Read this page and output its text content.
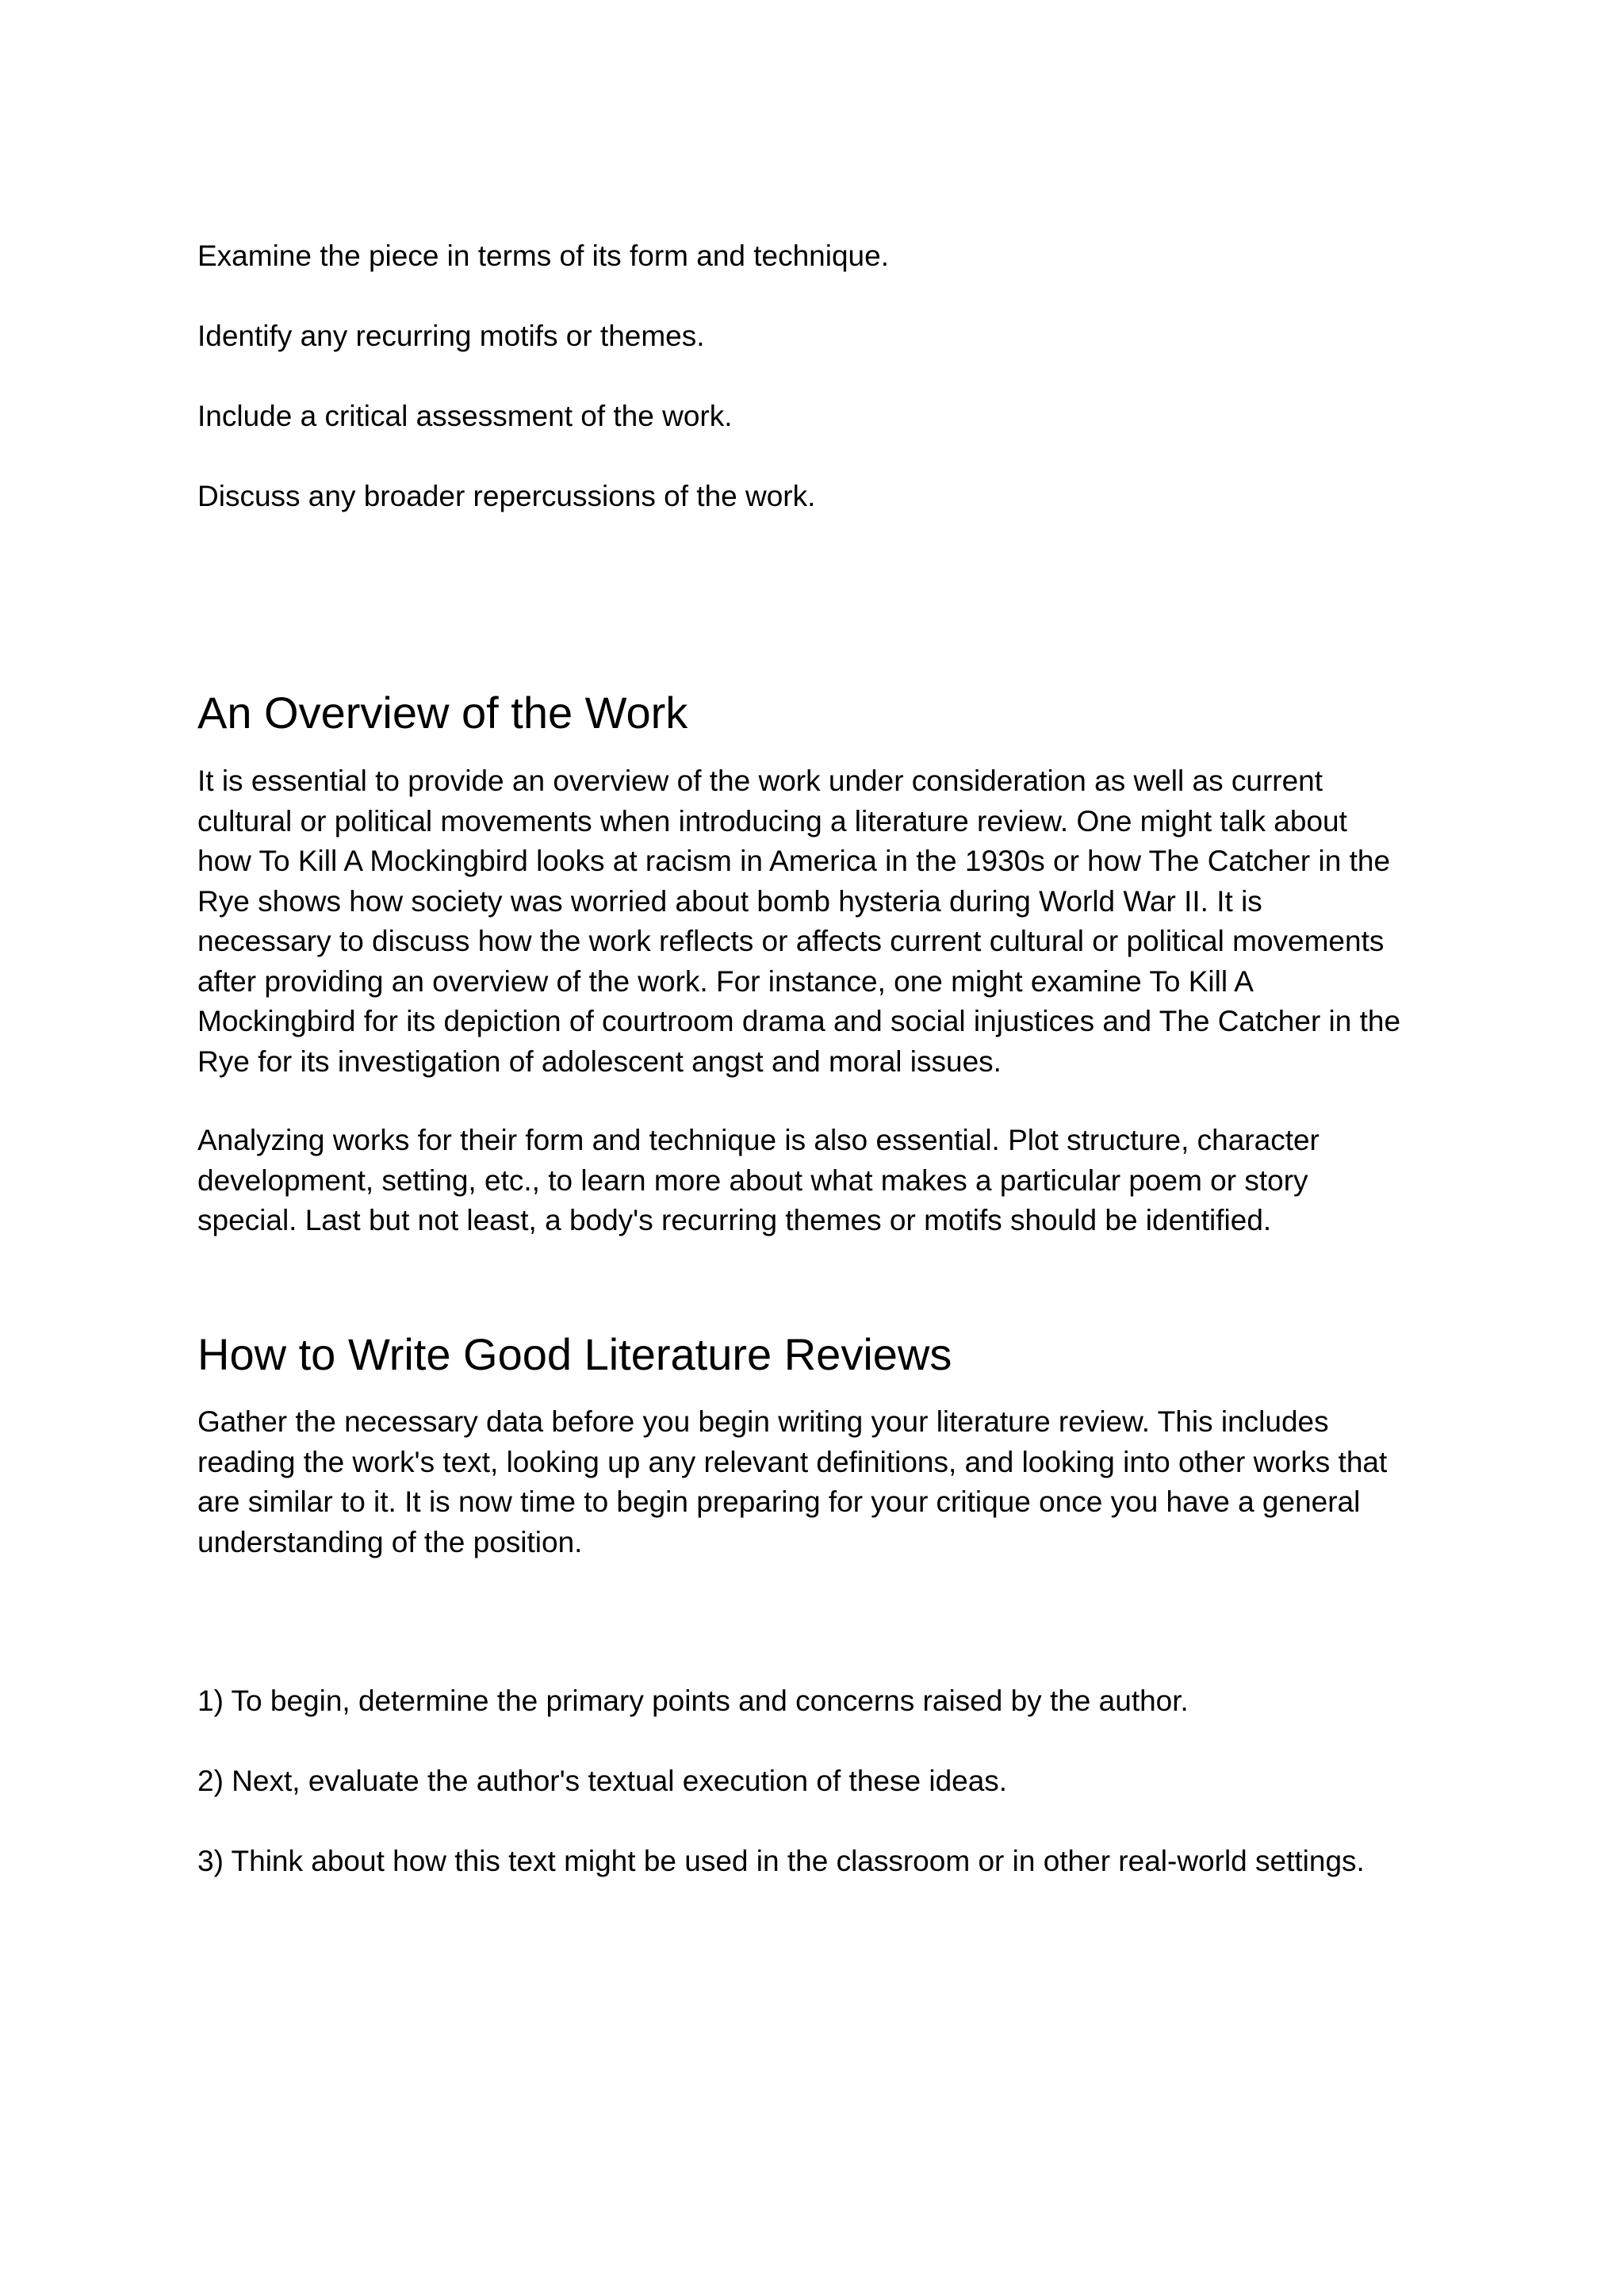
Examine the piece in terms of its form and technique.

Identify any recurring motifs or themes.

Include a critical assessment of the work.

Discuss any broader repercussions of the work.

An Overview of the Work
It is essential to provide an overview of the work under consideration as well as current
cultural or political movements when introducing a literature review. One might talk about
how To Kill A Mockingbird looks at racism in America in the 1930s or how The Catcher in the
Rye shows how society was worried about bomb hysteria during World War II. It is
necessary to discuss how the work reflects or affects current cultural or political movements
after providing an overview of the work. For instance, one might examine To Kill A
Mockingbird for its depiction of courtroom drama and social injustices and The Catcher in the
Rye for its investigation of adolescent angst and moral issues.
Analyzing works for their form and technique is also essential. Plot structure, character
development, setting, etc., to learn more about what makes a particular poem or story
special. Last but not least, a body's recurring themes or motifs should be identified.
How to Write Good Literature Reviews
Gather the necessary data before you begin writing your literature review. This includes
reading the work's text, looking up any relevant definitions, and looking into other works that
are similar to it. It is now time to begin preparing for your critique once you have a general
understanding of the position.

1) To begin, determine the primary points and concerns raised by the author.

2) Next, evaluate the author's textual execution of these ideas.

3) Think about how this text might be used in the classroom or in other real-world settings.
